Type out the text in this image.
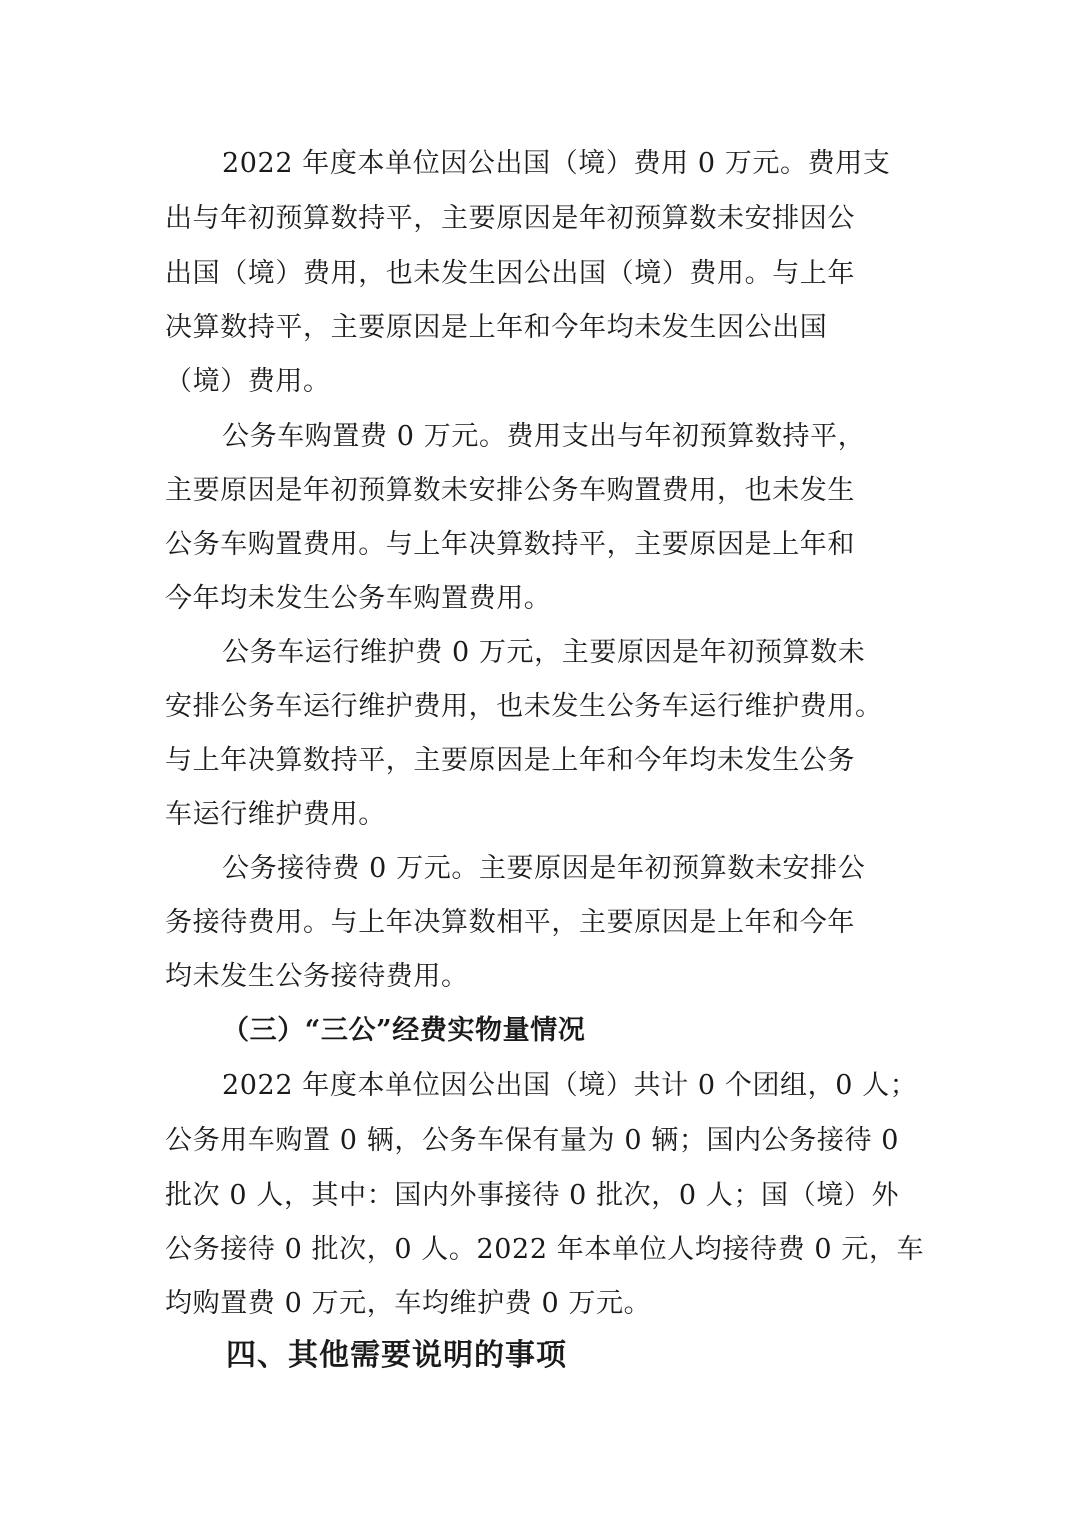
2022 年度本单位因公出国（境）费用 0 万元。费用支
出与年初预算数持平，主要原因是年初预算数未安排因公
出国（境）费用，也未发生因公出国（境）费用。与上年
决算数持平，主要原因是上年和今年均未发生因公出国
（境）费用。
公务车购置费 0 万元。费用支出与年初预算数持平，
主要原因是年初预算数未安排公务车购置费用，也未发生
公务车购置费用。与上年决算数持平，主要原因是上年和
今年均未发生公务车购置费用。
公务车运行维护费 0 万元，主要原因是年初预算数未
安排公务车运行维护费用，也未发生公务车运行维护费用。
与上年决算数持平，主要原因是上年和今年均未发生公务
车运行维护费用。
公务接待费 0 万元。主要原因是年初预算数未安排公
务接待费用。与上年决算数相平，主要原因是上年和今年
均未发生公务接待费用。
（三）“三公”经费实物量情况
2022 年度本单位因公出国（境）共计 0 个团组，0 人；
公务用车购置 0 辆，公务车保有量为 0 辆；国内公务接待 0
批次 0 人，其中：国内外事接待 0 批次，0 人；国（境）外
公务接待 0 批次，0 人。2022 年本单位人均接待费 0 元，车
均购置费 0 万元，车均维护费 0 万元。
四、其他需要说明的事项
